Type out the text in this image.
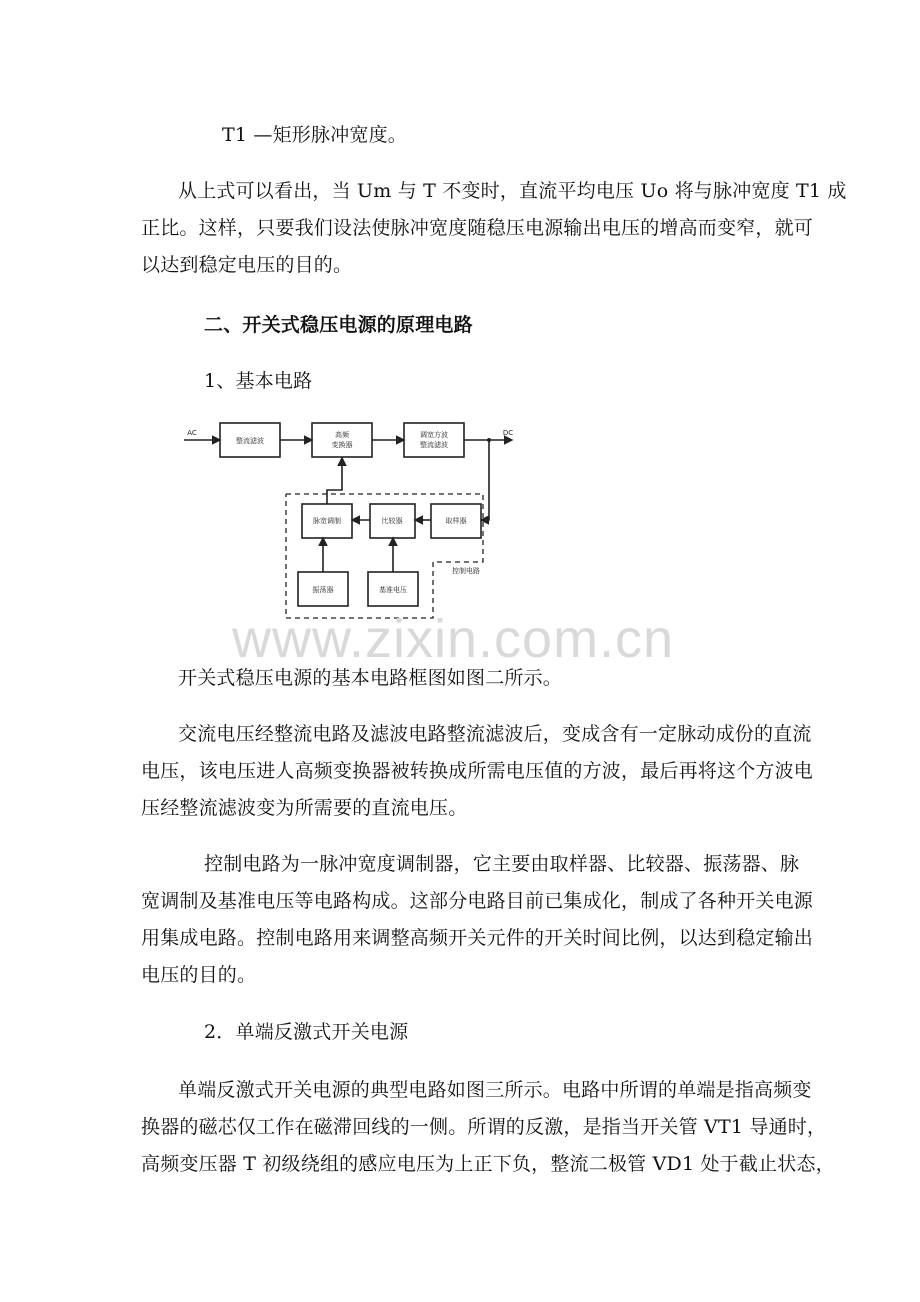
T1 —矩形脉冲宽度。
从上式可以看出，当 Um 与 T 不变时，直流平均电压 Uo 将与脉冲宽度 T1 成
正比。这样，只要我们设法使脉冲宽度随稳压电源输出电压的增高而变窄，就可
以达到稳定电压的目的。
二、开关式稳压电源的原理电路
1、基本电路
AC	DC
整流滤波
高频
变换器
调宽方波
整流滤波
脉宽调制	比较器	取样器
振荡器	基准电压
控制电路
www.zixin.com.cn
开关式稳压电源的基本电路框图如图二所示。
交流电压经整流电路及滤波电路整流滤波后，变成含有一定脉动成份的直流
电压，该电压进人高频变换器被转换成所需电压值的方波，最后再将这个方波电
压经整流滤波变为所需要的直流电压。
控制电路为一脉冲宽度调制器，它主要由取样器、比较器、振荡器、脉
宽调制及基准电压等电路构成。这部分电路目前已集成化，制成了各种开关电源
用集成电路。控制电路用来调整高频开关元件的开关时间比例，以达到稳定输出
电压的目的。
2．单端反激式开关电源
单端反激式开关电源的典型电路如图三所示。电路中所谓的单端是指高频变
换器的磁芯仅工作在磁滞回线的一侧。所谓的反激，是指当开关管 VT1 导通时，
高频变压器 T 初级绕组的感应电压为上正下负，整流二极管 VD1 处于截止状态，
